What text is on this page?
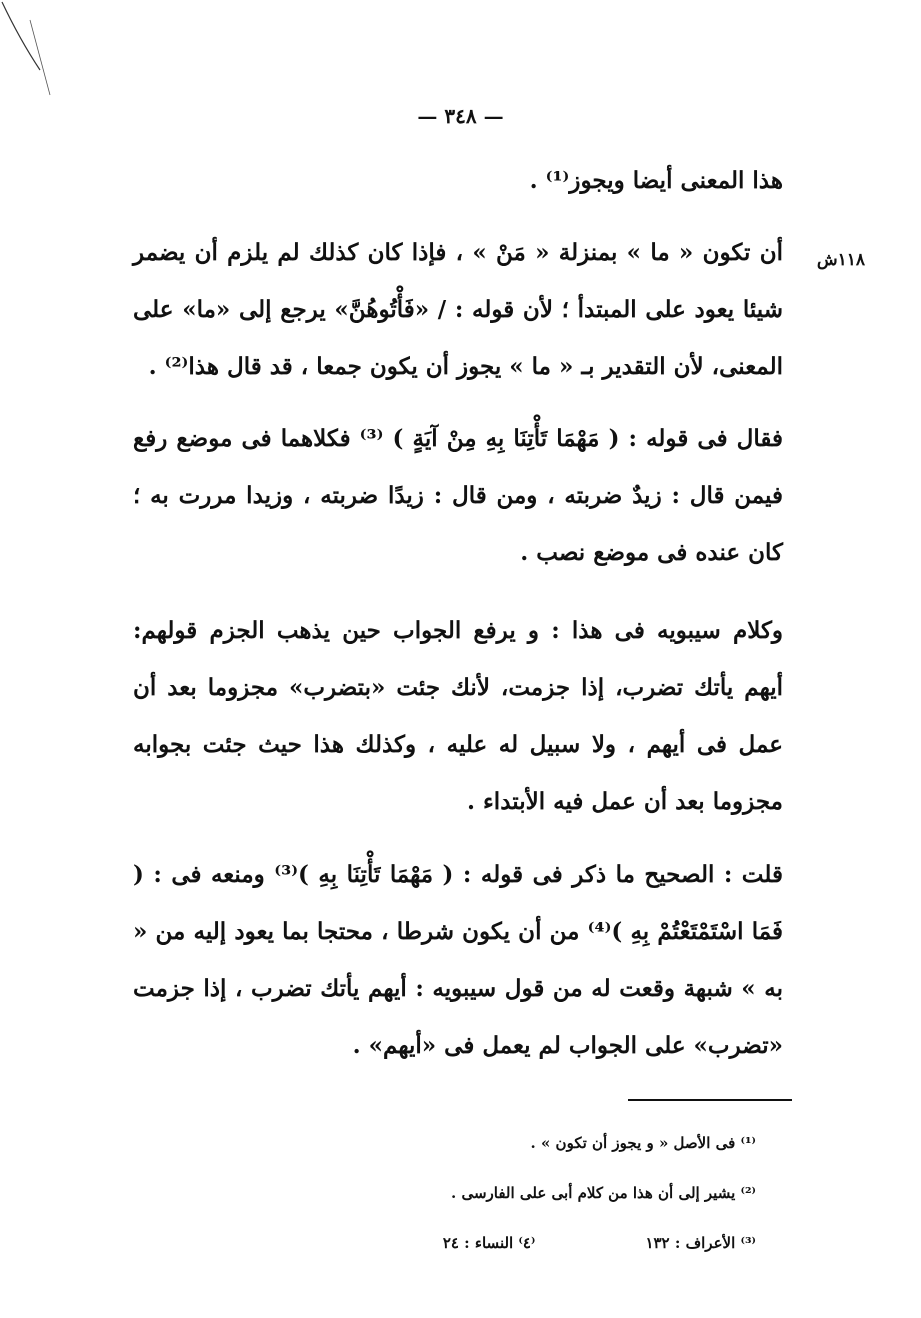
— ٣٤٨ —
١١٨ش

هذا المعنى أيضا ويجوز⁽¹⁾ .

أن تكون « ما » بمنزلة « مَنْ » ، فإذا كان كذلك لم يلزم أن يضمر شيئا يعود على المبتدأ ؛ لأن قوله : / «فَأْتُوهُنَّ» يرجع إلى «ما» على المعنى، لأن التقدير بـ « ما » يجوز أن يكون جمعا ، قد قال هذا⁽²⁾ .

فقال فى قوله : ( مَهْمَا تَأْتِنَا بِهِ مِنْ آيَةٍ ) ⁽³⁾ فكلاهما فى موضع رفع فيمن قال : زيدٌ ضربته ، ومن قال : زيدًا ضربته ، وزيدا مررت به ؛ كان عنده فى موضع نصب .

وكلام سيبويه فى هذا : و يرفع الجواب حين يذهب الجزم قولهم: أيهم يأتك تضرب، إذا جزمت، لأنك جئت «بتضرب» مجزوما بعد أن عمل فى أيهم ، ولا سبيل له عليه ، وكذلك هذا حيث جئت بجوابه مجزوما بعد أن عمل فيه الأبتداء .

قلت : الصحيح ما ذكر فى قوله : ( مَهْمَا تَأْتِنَا بِهِ )⁽³⁾ ومنعه فى : ( فَمَا اسْتَمْتَعْتُمْ بِهِ )⁽⁴⁾ من أن يكون شرطا ، محتجا بما يعود إليه من « به » شبهة وقعت له من قول سيبويه : أيهم يأتك تضرب ، إذا جزمت «تضرب» على الجواب لم يعمل فى «أيهم» .

⁽¹⁾ فى الأصل « و يجوز أن تكون » .
⁽²⁾ يشير إلى أن هذا من كلام أبى على الفارسى .
⁽³⁾ الأعراف : ١٣٢⁽٤⁾ النساء : ٢٤
